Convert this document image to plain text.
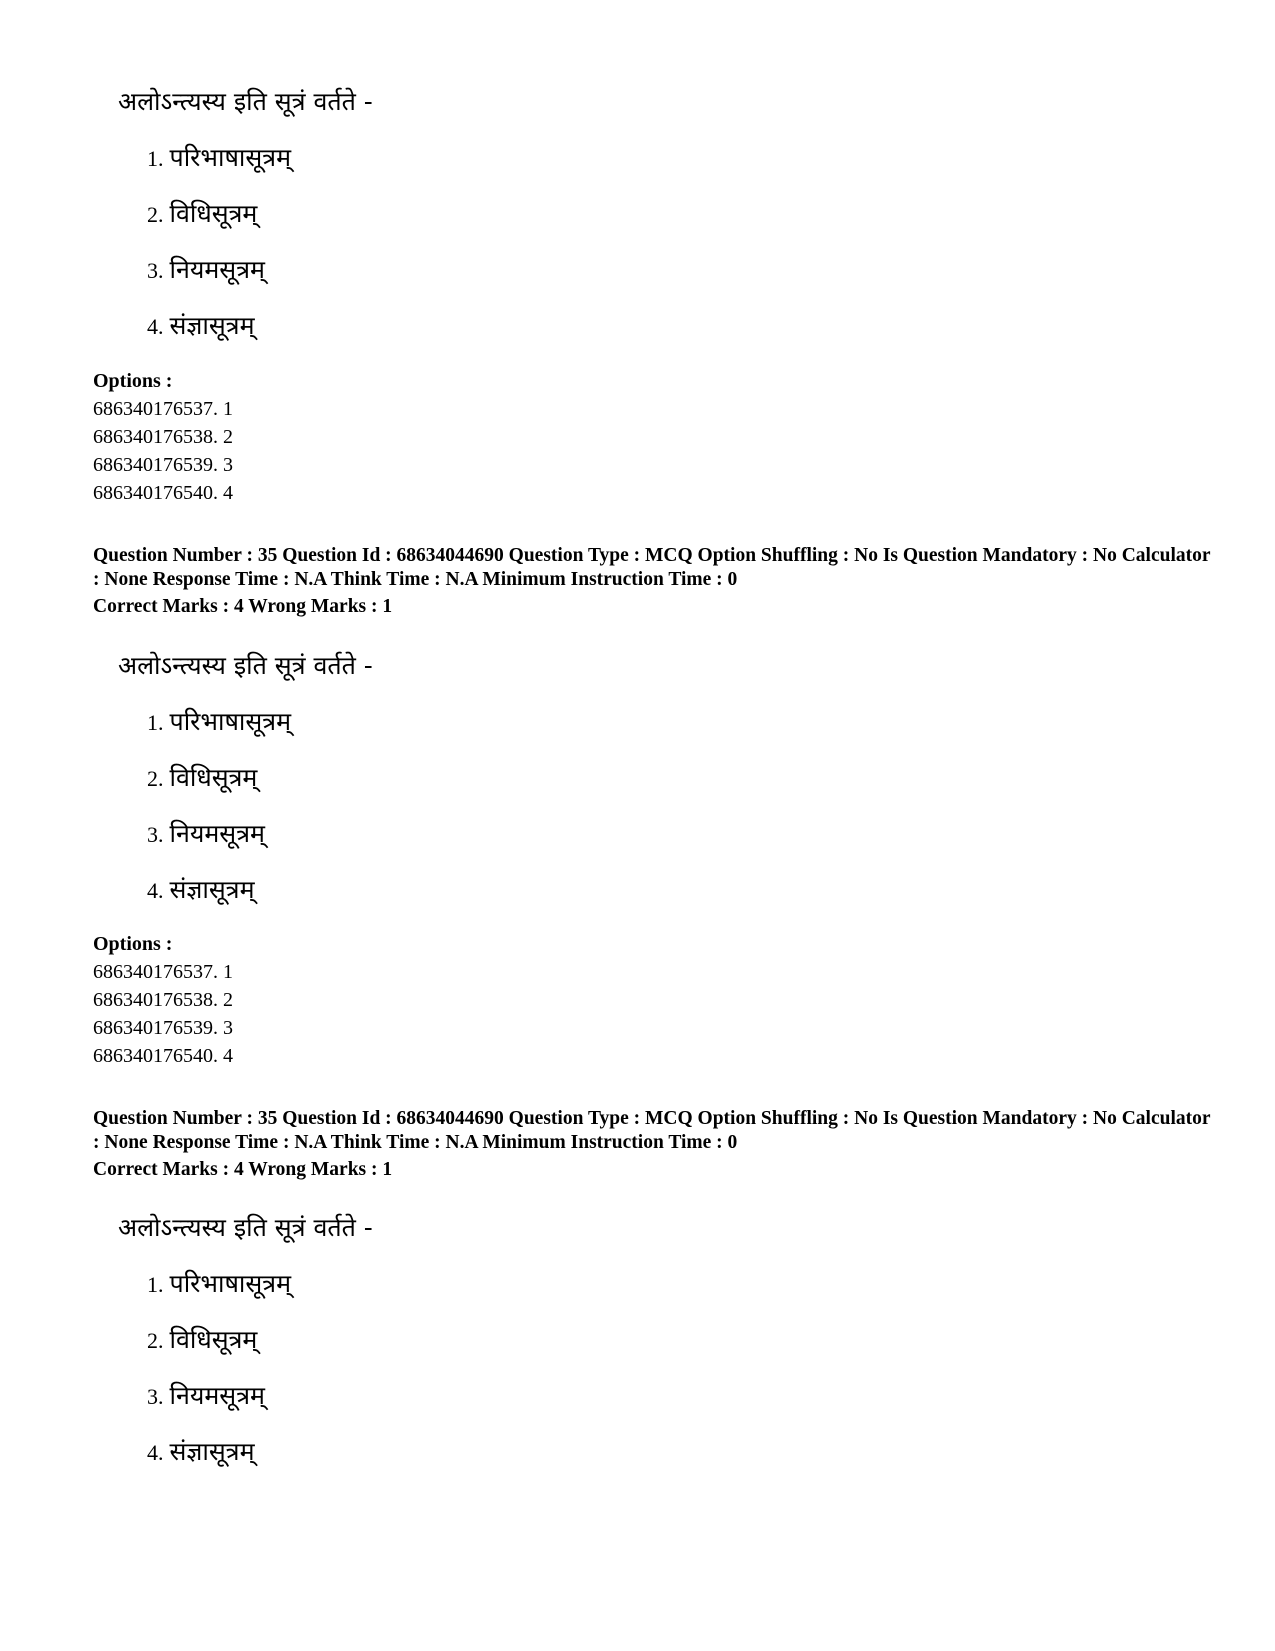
अलोऽन्त्यस्य इति सूत्रं वर्तते -
1. परिभाषासूत्रम्
2. विधिसूत्रम्
3. नियमसूत्रम्
4. संज्ञासूत्रम्
Options :
686340176537. 1
686340176538. 2
686340176539. 3
686340176540. 4
Question Number : 35 Question Id : 68634044690 Question Type : MCQ Option Shuffling : No Is Question Mandatory : No Calculator : None Response Time : N.A Think Time : N.A Minimum Instruction Time : 0
Correct Marks : 4 Wrong Marks : 1
अलोऽन्त्यस्य इति सूत्रं वर्तते -
1. परिभाषासूत्रम्
2. विधिसूत्रम्
3. नियमसूत्रम्
4. संज्ञासूत्रम्
Options :
686340176537. 1
686340176538. 2
686340176539. 3
686340176540. 4
Question Number : 35 Question Id : 68634044690 Question Type : MCQ Option Shuffling : No Is Question Mandatory : No Calculator : None Response Time : N.A Think Time : N.A Minimum Instruction Time : 0
Correct Marks : 4 Wrong Marks : 1
अलोऽन्त्यस्य इति सूत्रं वर्तते -
1. परिभाषासूत्रम्
2. विधिसूत्रम्
3. नियमसूत्रम्
4. संज्ञासूत्रम्
